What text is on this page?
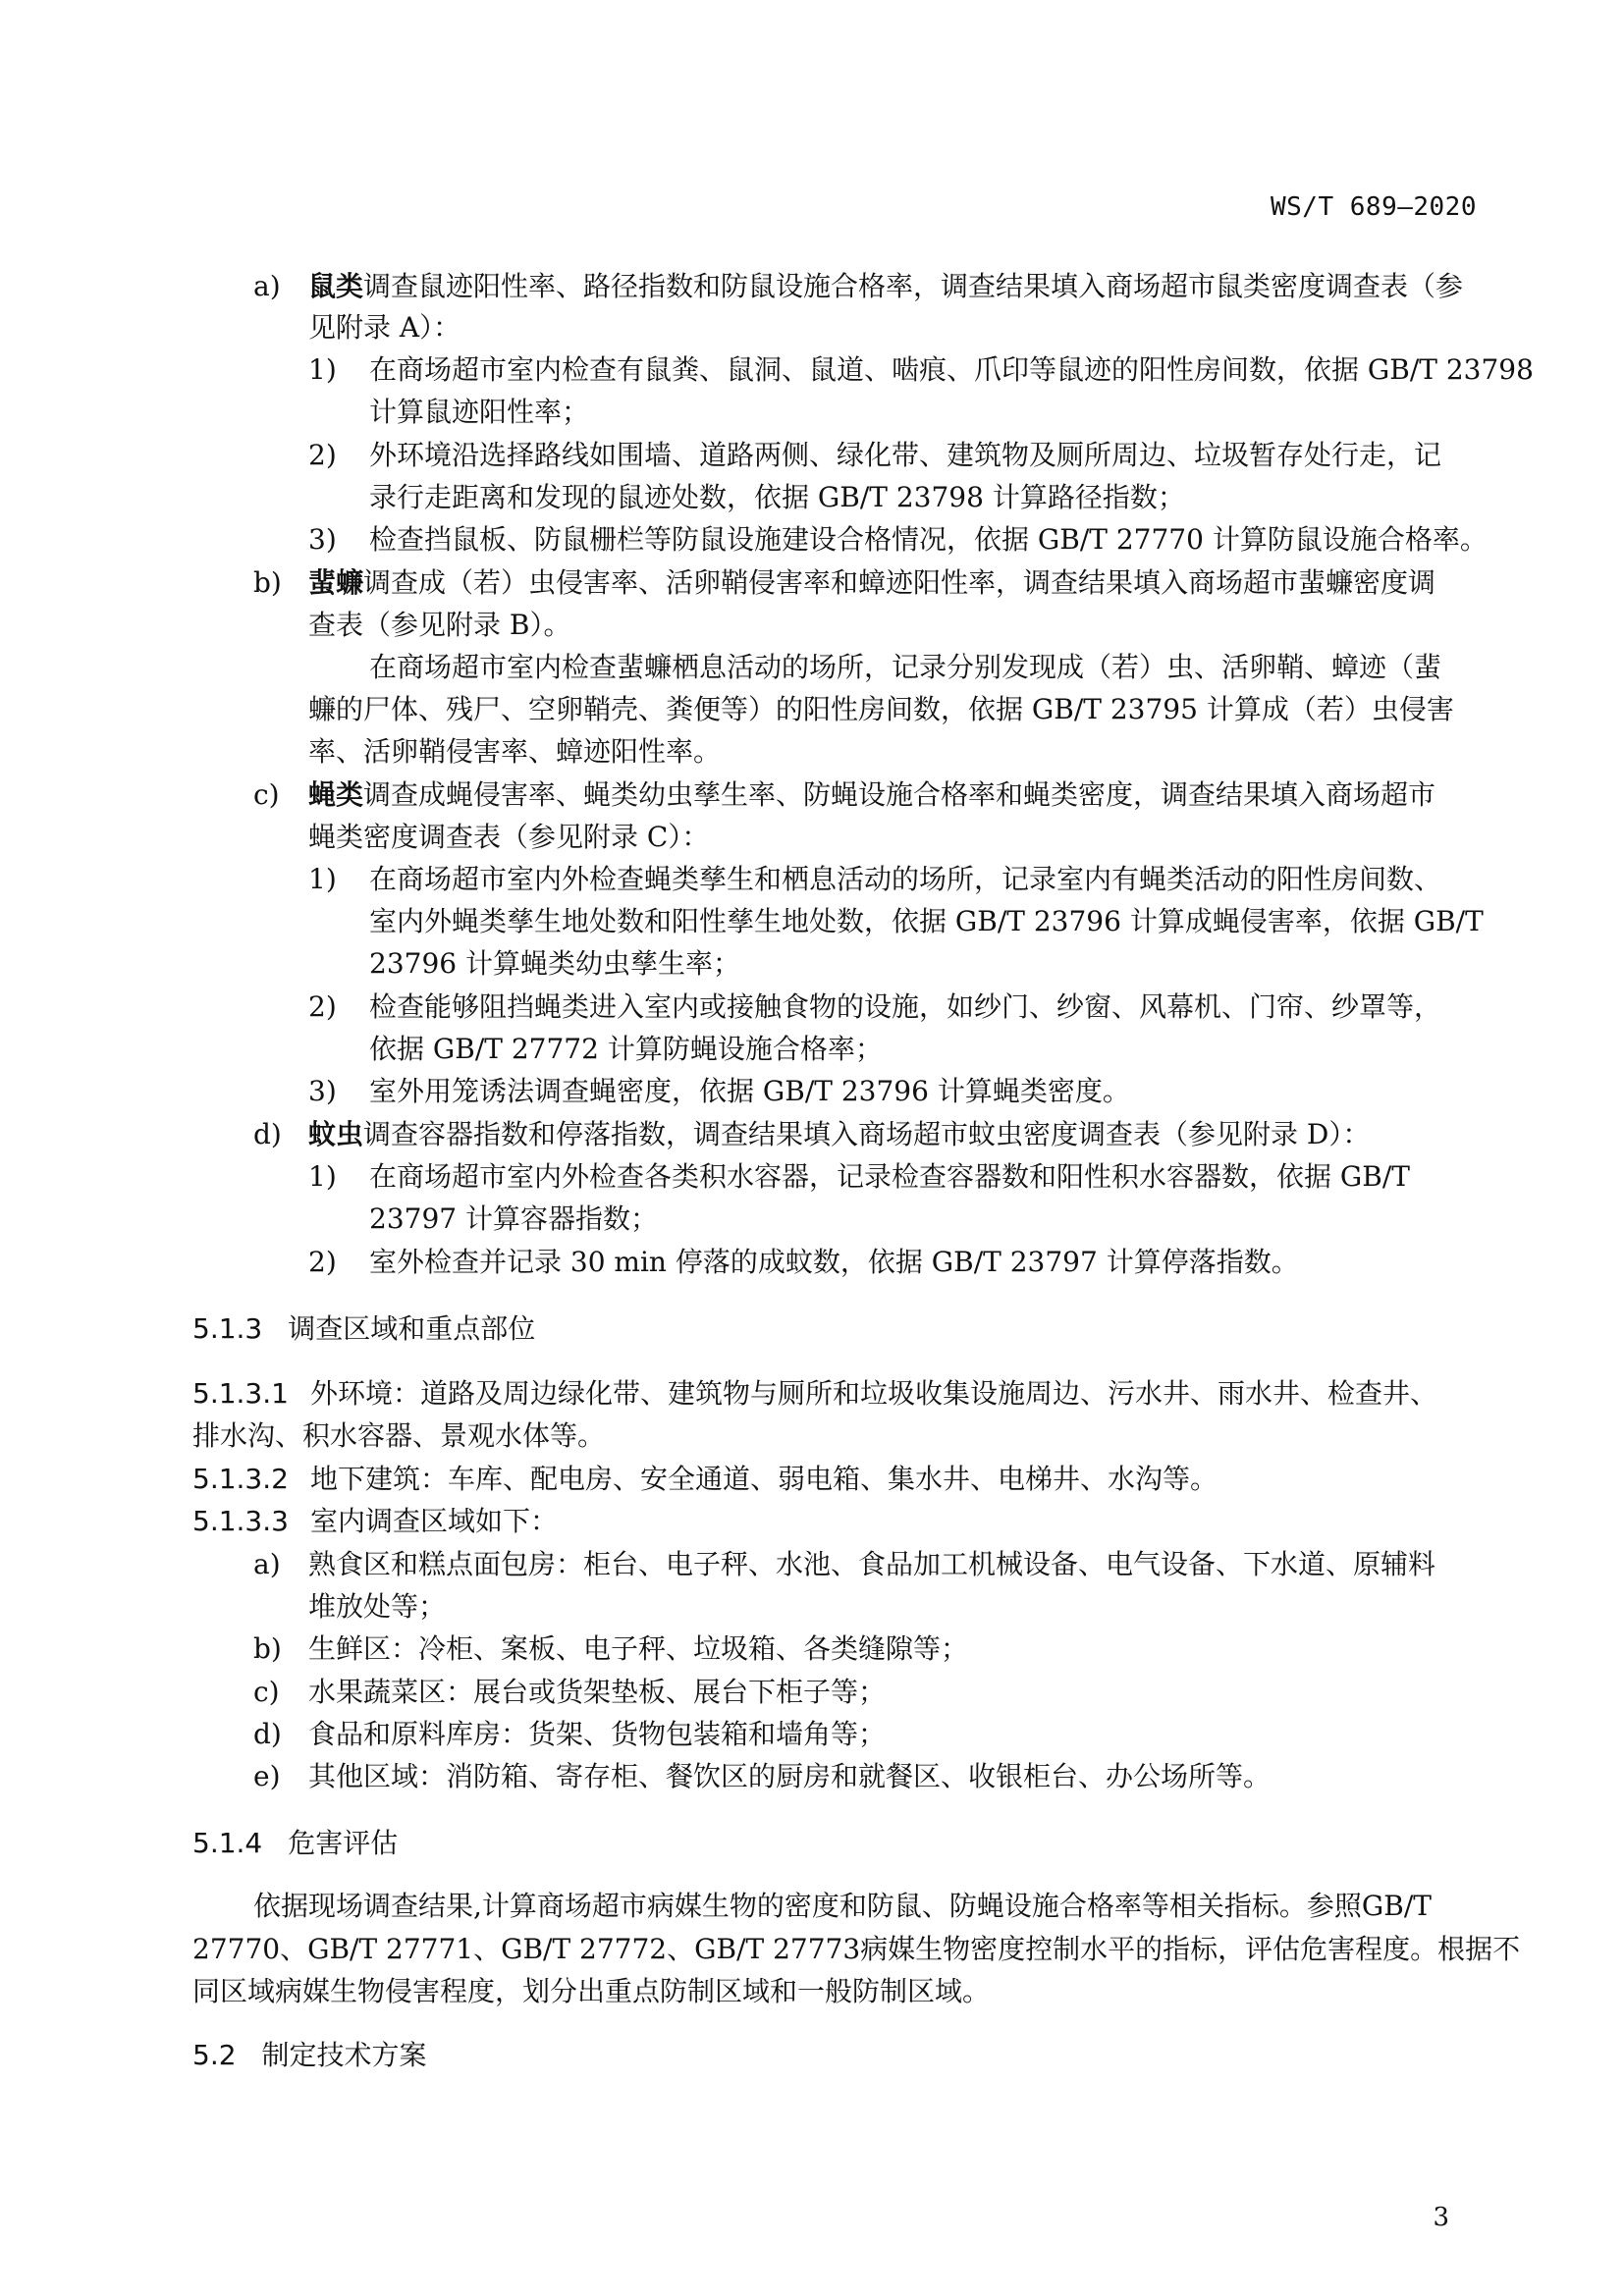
WS/T 689—2020
a) 鼠类调查鼠迹阳性率、路径指数和防鼠设施合格率，调查结果填入商场超市鼠类密度调查表（参
见附录 A）：
1) 在商场超市室内检查有鼠粪、鼠洞、鼠道、啮痕、爪印等鼠迹的阳性房间数，依据 GB/T 23798
计算鼠迹阳性率；
2) 外环境沿选择路线如围墙、道路两侧、绿化带、建筑物及厕所周边、垃圾暂存处行走，记
录行走距离和发现的鼠迹处数，依据 GB/T 23798 计算路径指数；
3) 检查挡鼠板、防鼠栅栏等防鼠设施建设合格情况，依据 GB/T 27770 计算防鼠设施合格率。
b) 蜚蠊调查成（若）虫侵害率、活卵鞘侵害率和蟑迹阳性率，调查结果填入商场超市蜚蠊密度调
查表（参见附录 B）。
在商场超市室内检查蜚蠊栖息活动的场所，记录分别发现成（若）虫、活卵鞘、蟑迹（蜚
蠊的尸体、残尸、空卵鞘壳、粪便等）的阳性房间数，依据 GB/T 23795 计算成（若）虫侵害
率、活卵鞘侵害率、蟑迹阳性率。
c) 蝇类调查成蝇侵害率、蝇类幼虫孳生率、防蝇设施合格率和蝇类密度，调查结果填入商场超市
蝇类密度调查表（参见附录 C）：
1) 在商场超市室内外检查蝇类孳生和栖息活动的场所，记录室内有蝇类活动的阳性房间数、
室内外蝇类孳生地处数和阳性孳生地处数，依据 GB/T 23796 计算成蝇侵害率，依据 GB/T
23796 计算蝇类幼虫孳生率；
2) 检查能够阻挡蝇类进入室内或接触食物的设施，如纱门、纱窗、风幕机、门帘、纱罩等，
依据 GB/T 27772 计算防蝇设施合格率；
3) 室外用笼诱法调查蝇密度，依据 GB/T 23796 计算蝇类密度。
d) 蚊虫调查容器指数和停落指数，调查结果填入商场超市蚊虫密度调查表（参见附录 D）：
1) 在商场超市室内外检查各类积水容器，记录检查容器数和阳性积水容器数，依据 GB/T
23797 计算容器指数；
2) 室外检查并记录 30 min 停落的成蚊数，依据 GB/T 23797 计算停落指数。
5.1.3 调查区域和重点部位
5.1.3.1 外环境：道路及周边绿化带、建筑物与厕所和垃圾收集设施周边、污水井、雨水井、检查井、
排水沟、积水容器、景观水体等。
5.1.3.2 地下建筑：车库、配电房、安全通道、弱电箱、集水井、电梯井、水沟等。
5.1.3.3 室内调查区域如下：
a) 熟食区和糕点面包房：柜台、电子秤、水池、食品加工机械设备、电气设备、下水道、原辅料
堆放处等；
b) 生鲜区：冷柜、案板、电子秤、垃圾箱、各类缝隙等；
c) 水果蔬菜区：展台或货架垫板、展台下柜子等；
d) 食品和原料库房：货架、货物包装箱和墙角等；
e) 其他区域：消防箱、寄存柜、餐饮区的厨房和就餐区、收银柜台、办公场所等。
5.1.4 危害评估
依据现场调查结果,计算商场超市病媒生物的密度和防鼠、防蝇设施合格率等相关指标。参照GB/T
27770、GB/T 27771、GB/T 27772、GB/T 27773病媒生物密度控制水平的指标，评估危害程度。根据不
同区域病媒生物侵害程度，划分出重点防制区域和一般防制区域。
5.2 制定技术方案
3
